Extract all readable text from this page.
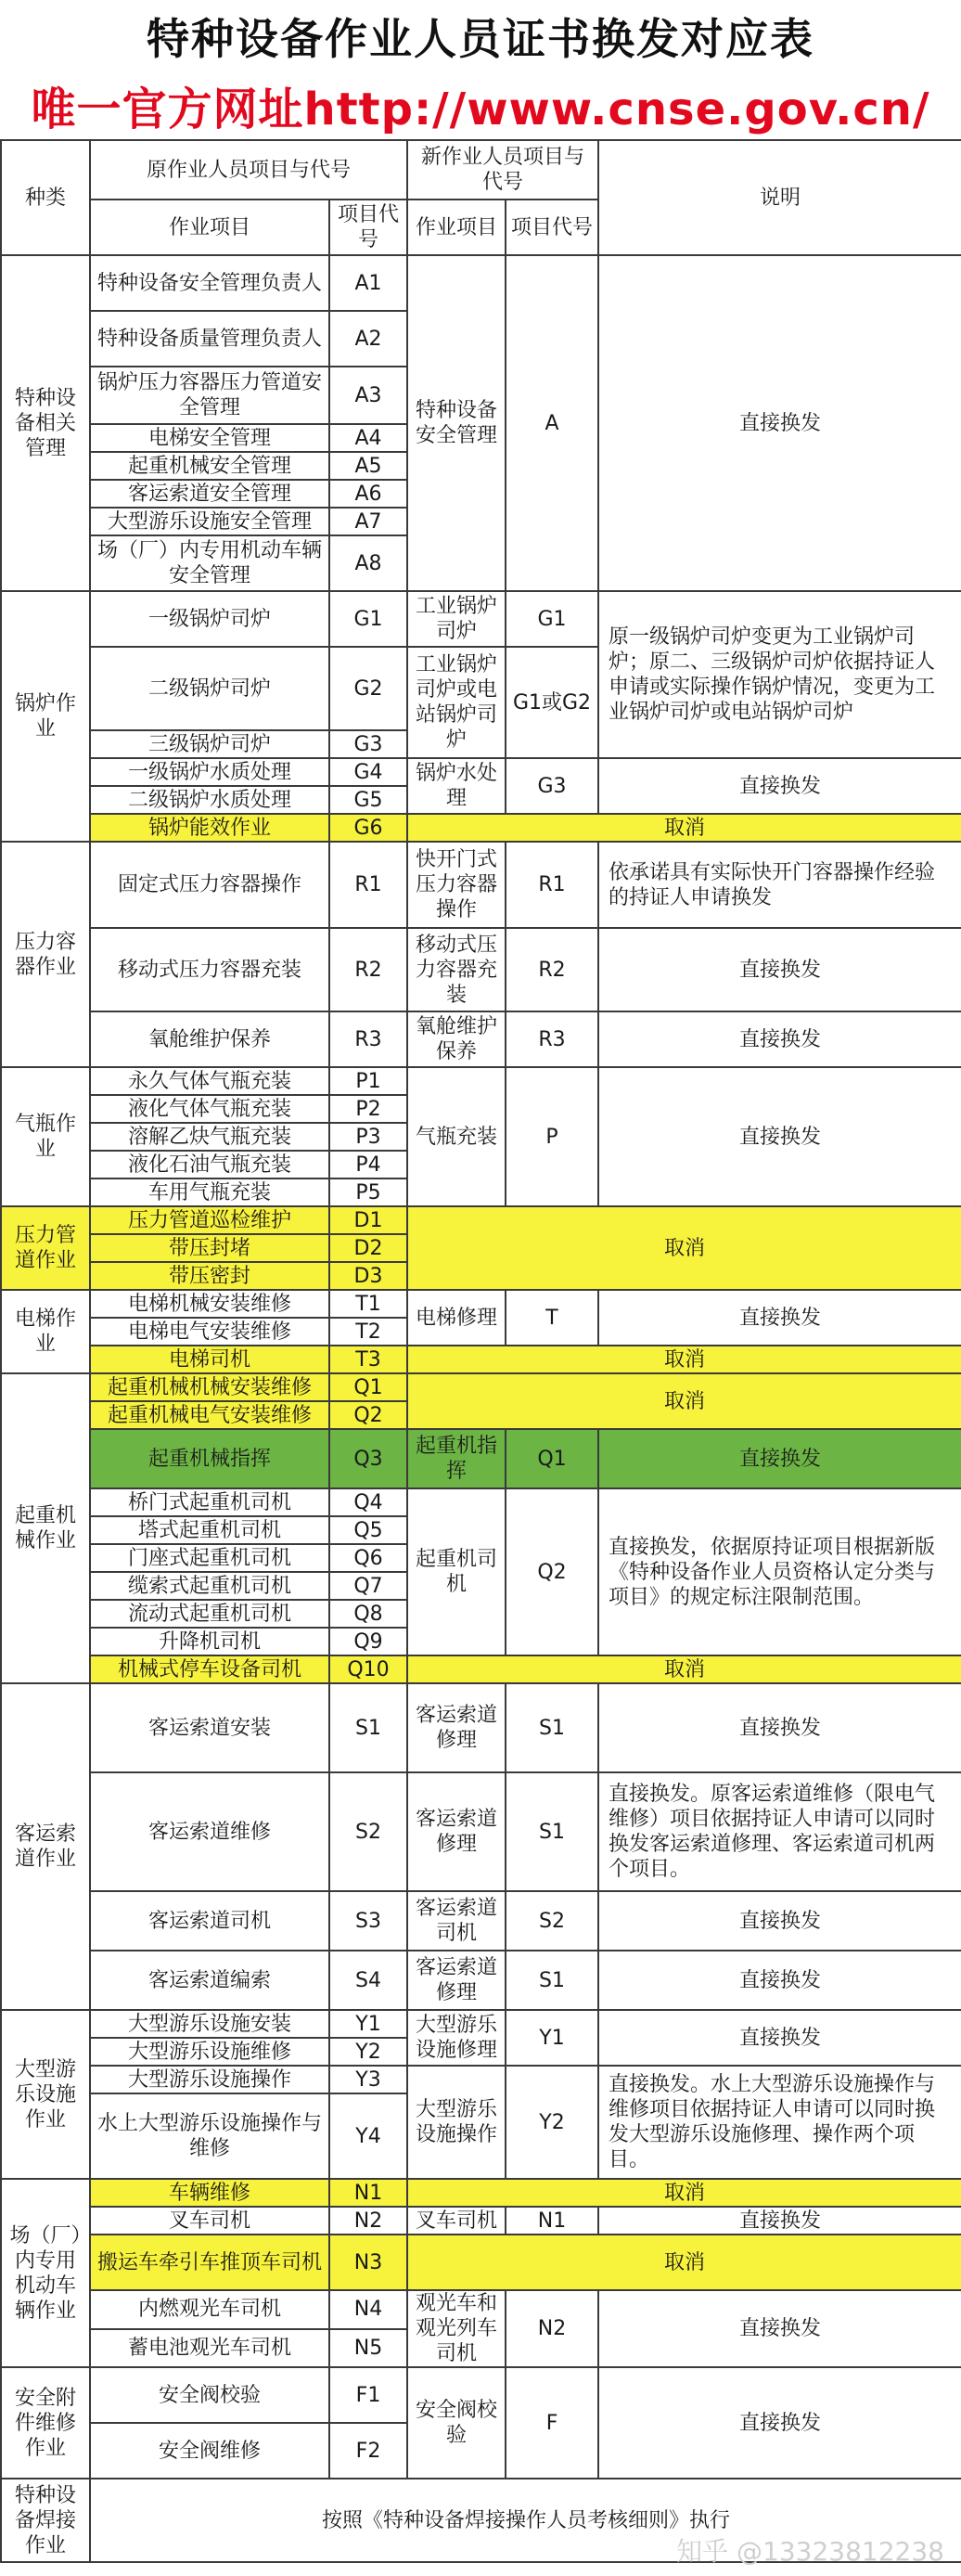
特种设备作业人员证书换发对应表
唯一官方网址http://www.cnse.gov.cn/
种类	原作业人员项目与代号		新作业人员项目与代号		说明
	作业项目	项目代号	作业项目	项目代号	
特种设备相关管理	特种设备安全管理负责人	A1	特种设备安全管理	A	直接换发
	特种设备质量管理负责人	A2			
	锅炉压力容器压力管道安全管理	A3			
	电梯安全管理	A4			
	起重机械安全管理	A5			
	客运索道安全管理	A6			
	大型游乐设施安全管理	A7			
	场（厂）内专用机动车辆安全管理	A8			
锅炉作业	一级锅炉司炉	G1	工业锅炉司炉	G1	原一级锅炉司炉变更为工业锅炉司炉；原二、三级锅炉司炉依据持证人申请或实际操作锅炉情况，变更为工业锅炉司炉或电站锅炉司炉
	二级锅炉司炉	G2	工业锅炉司炉或电站锅炉司炉	G1或G2	
	三级锅炉司炉	G3			
	一级锅炉水质处理	G4	锅炉水处理	G3	直接换发
	二级锅炉水质处理	G5			
	锅炉能效作业	G6	取消		
压力容器作业	固定式压力容器操作	R1	快开门式压力容器操作	R1	依承诺具有实际快开门容器操作经验的持证人申请换发
	移动式压力容器充装	R2	移动式压力容器充装	R2	直接换发
	氧舱维护保养	R3	氧舱维护保养	R3	直接换发
气瓶作业	永久气体气瓶充装	P1	气瓶充装	P	直接换发
	液化气体气瓶充装	P2			
	溶解乙炔气瓶充装	P3			
	液化石油气瓶充装	P4			
	车用气瓶充装	P5			
压力管道作业	压力管道巡检维护	D1	取消		
	带压封堵	D2			
	带压密封	D3			
电梯作业	电梯机械安装维修	T1	电梯修理	T	直接换发
	电梯电气安装维修	T2			
	电梯司机	T3	取消		
起重机械作业	起重机械机械安装维修	Q1	取消		
	起重机械电气安装维修	Q2			
	起重机械指挥	Q3	起重机指挥	Q1	直接换发
	桥门式起重机司机	Q4	起重机司机	Q2	直接换发，依据原持证项目根据新版《特种设备作业人员资格认定分类与项目》的规定标注限制范围。
	塔式起重机司机	Q5			
	门座式起重机司机	Q6			
	缆索式起重机司机	Q7			
	流动式起重机司机	Q8			
	升降机司机	Q9			
	机械式停车设备司机	Q10	取消		
客运索道作业	客运索道安装	S1	客运索道修理	S1	直接换发
	客运索道维修	S2	客运索道修理	S1	直接换发。原客运索道维修（限电气维修）项目依据持证人申请可以同时换发客运索道修理、客运索道司机两个项目。
	客运索道司机	S3	客运索道司机	S2	直接换发
	客运索道编索	S4	客运索道修理	S1	直接换发
大型游乐设施作业	大型游乐设施安装	Y1	大型游乐设施修理	Y1	直接换发
	大型游乐设施维修	Y2			
	大型游乐设施操作	Y3	大型游乐设施操作	Y2	直接换发。水上大型游乐设施操作与维修项目依据持证人申请可以同时换发大型游乐设施修理、操作两个项目。
	水上大型游乐设施操作与维修	Y4			
场（厂）内专用机动车辆作业	车辆维修	N1	取消		
	叉车司机	N2	叉车司机	N1	直接换发
	搬运车牵引车推顶车司机	N3	取消		
	内燃观光车司机	N4	观光车和观光列车司机	N2	直接换发
	蓄电池观光车司机	N5			
安全附件维修作业	安全阀校验	F1	安全阀校验	F	直接换发
	安全阀维修	F2			
特种设备焊接作业	按照《特种设备焊接操作人员考核细则》执行				
知乎 @13323812238
